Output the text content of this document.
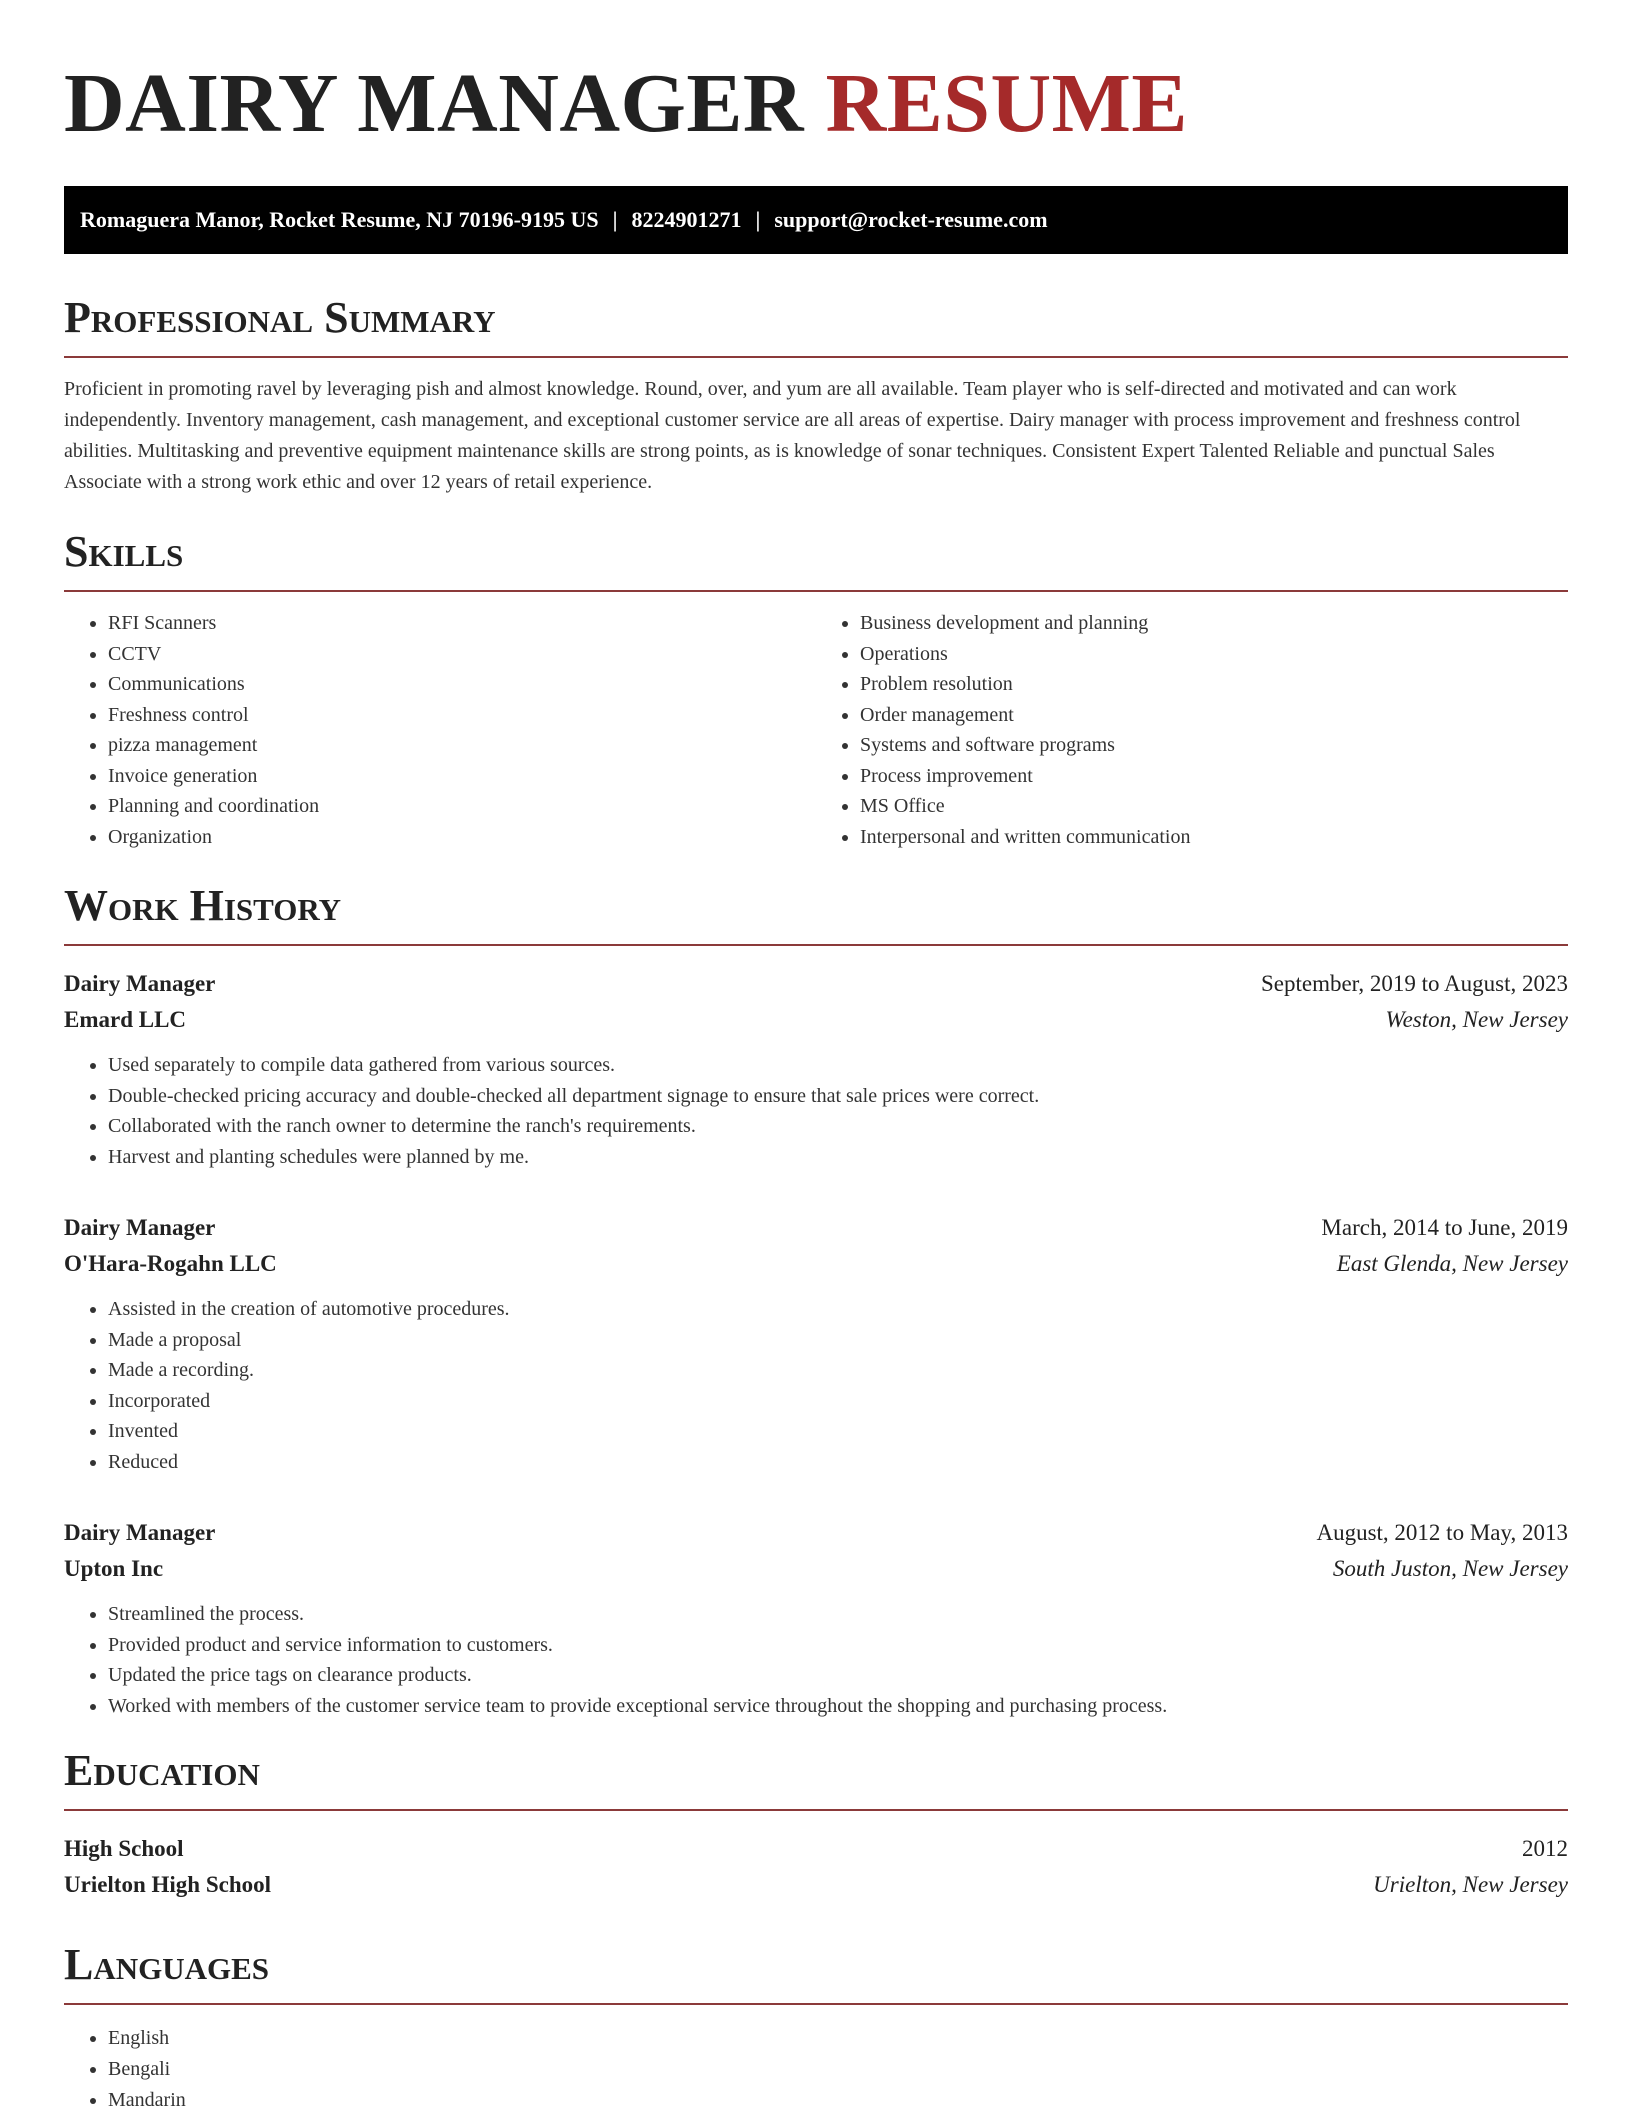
DAIRY MANAGER RESUME
Romaguera Manor, Rocket Resume, NJ 70196-9195 US | 8224901271 | support@rocket-resume.com
Professional Summary

Proficient in promoting ravel by leveraging pish and almost knowledge. Round, over, and yum are all available. Team player who is self-directed and motivated and can work independently. Inventory management, cash management, and exceptional customer service are all areas of expertise. Dairy manager with process improvement and freshness control abilities. Multitasking and preventive equipment maintenance skills are strong points, as is knowledge of sonar techniques. Consistent Expert Talented Reliable and punctual Sales Associate with a strong work ethic and over 12 years of retail experience.

Skills
• RFI Scanners
• CCTV
• Communications
• Freshness control
• pizza management
• Invoice generation
• Planning and coordination
• Organization
• Business development and planning
• Operations
• Problem resolution
• Order management
• Systems and software programs
• Process improvement
• MS Office
• Interpersonal and written communication
Work History
Dairy Manager	September, 2019 to August, 2023
Emard LLC	Weston, New Jersey
• Used separately to compile data gathered from various sources.
• Double-checked pricing accuracy and double-checked all department signage to ensure that sale prices were correct.
• Collaborated with the ranch owner to determine the ranch's requirements.
• Harvest and planting schedules were planned by me.
Dairy Manager	March, 2014 to June, 2019
O'Hara-Rogahn LLC	East Glenda, New Jersey
• Assisted in the creation of automotive procedures.
• Made a proposal
• Made a recording.
• Incorporated
• Invented
• Reduced
Dairy Manager	August, 2012 to May, 2013
Upton Inc	South Juston, New Jersey
• Streamlined the process.
• Provided product and service information to customers.
• Updated the price tags on clearance products.
• Worked with members of the customer service team to provide exceptional service throughout the shopping and purchasing process.
Education
High School	2012
Urielton High School	Urielton, New Jersey
Languages
• English
• Bengali
• Mandarin
